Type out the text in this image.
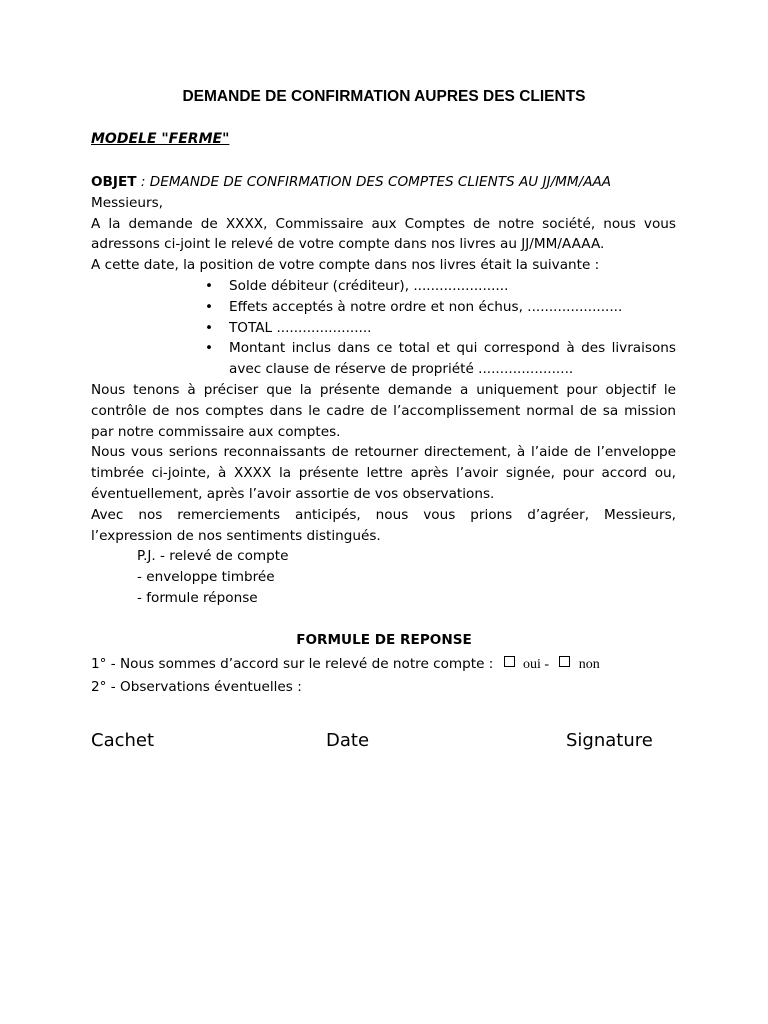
DEMANDE DE CONFIRMATION AUPRES DES CLIENTS
MODELE "FERME"

OBJET : DEMANDE DE CONFIRMATION DES COMPTES CLIENTS AU JJ/MM/AAA

Messieurs,

A la demande de XXXX, Commissaire aux Comptes de notre société, nous vous adressons ci-joint le relevé de votre compte dans nos livres au JJ/MM/AAAA.

A cette date, la position de votre compte dans nos livres était la suivante :

• Solde débiteur (créditeur), ......................
• Effets acceptés à notre ordre et non échus, ......................
• TOTAL ......................
• Montant inclus dans ce total et qui correspond à des livraisons avec clause de réserve de propriété ......................

Nous tenons à préciser que la présente demande a uniquement pour objectif le contrôle de nos comptes dans le cadre de l’accomplissement normal de sa mission par notre commissaire aux comptes.

Nous vous serions reconnaissants de retourner directement, à l’aide de l’enveloppe timbrée ci-jointe, à XXXX la présente lettre après l’avoir signée, pour accord ou, éventuellement, après l’avoir assortie de vos observations.

Avec nos remerciements anticipés, nous vous prions d’agréer, Messieurs, l’expression de nos sentiments distingués.

P.J. - relevé de compte

- enveloppe timbrée

- formule réponse

FORMULE DE REPONSE
1° - Nous sommes d’accord sur le relevé de notre compte : oui - non
2° - Observations éventuelles :
Cachet	Date	Signature
